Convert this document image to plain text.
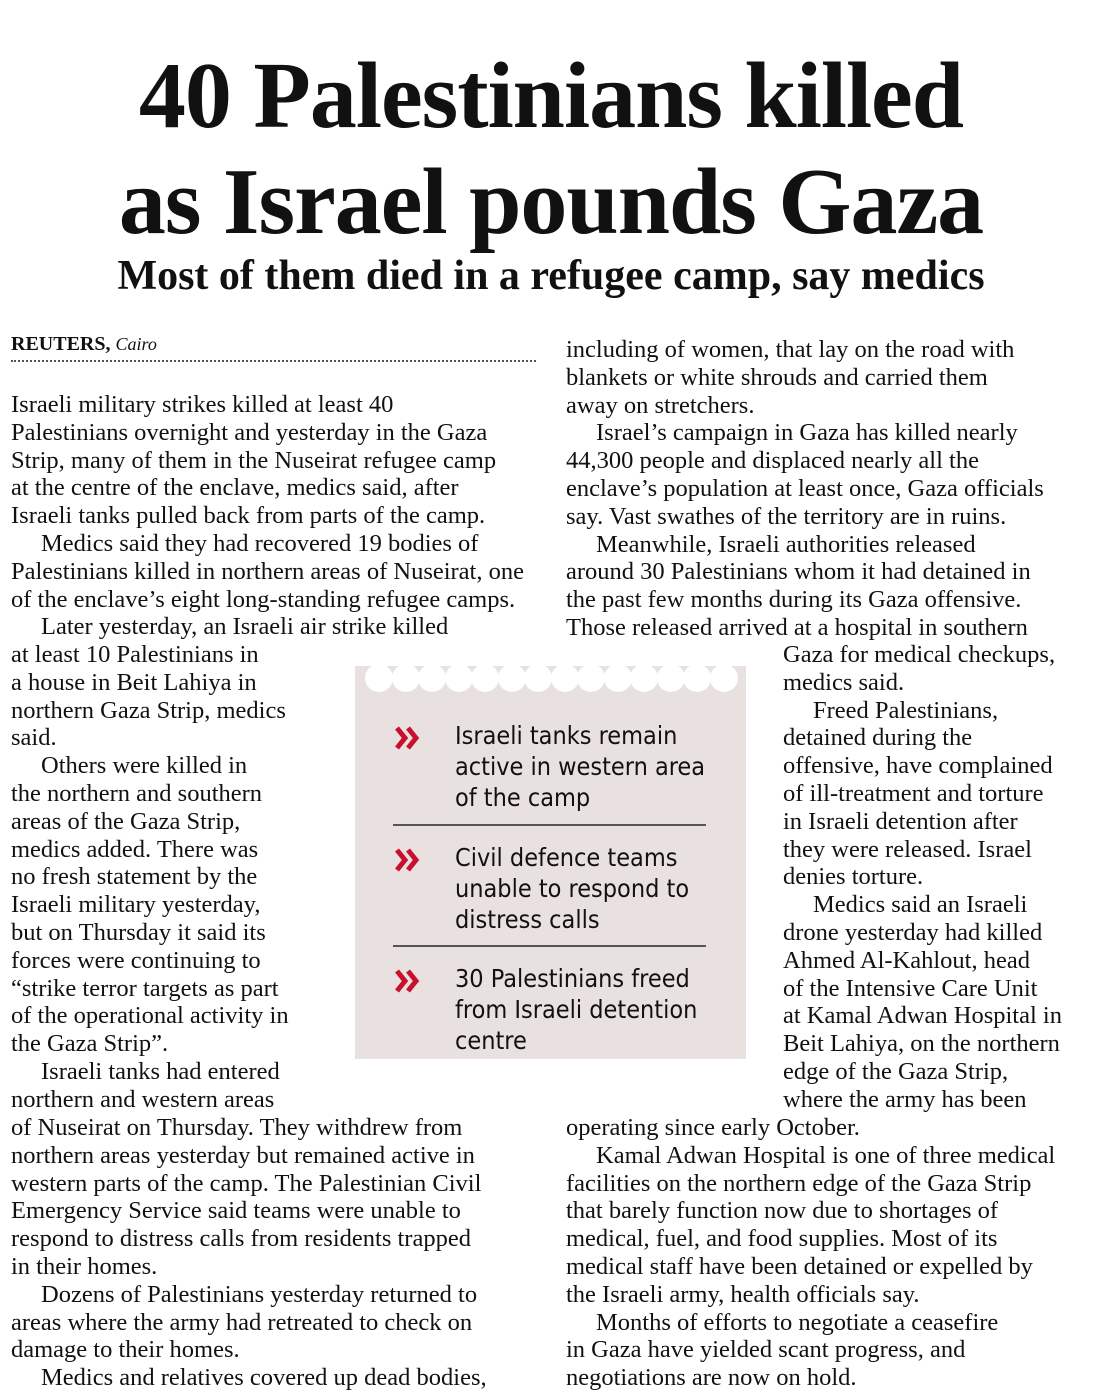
40 Palestinians killed
as Israel pounds Gaza
Most of them died in a refugee camp, say medics
REUTERS, Cairo
Israeli military strikes killed at least 40
Palestinians overnight and yesterday in the Gaza
Strip, many of them in the Nuseirat refugee camp
at the centre of the enclave, medics said, after
Israeli tanks pulled back from parts of the camp.
Medics said they had recovered 19 bodies of
Palestinians killed in northern areas of Nuseirat, one
of the enclave’s eight long-standing refugee camps.
Later yesterday, an Israeli air strike killed
at least 10 Palestinians in
a house in Beit Lahiya in
northern Gaza Strip, medics
said.
Others were killed in
the northern and southern
areas of the Gaza Strip,
medics added. There was
no fresh statement by the
Israeli military yesterday,
but on Thursday it said its
forces were continuing to
“strike terror targets as part
of the operational activity in
the Gaza Strip”.
Israeli tanks had entered
northern and western areas
of Nuseirat on Thursday. They withdrew from
northern areas yesterday but remained active in
western parts of the camp. The Palestinian Civil
Emergency Service said teams were unable to
respond to distress calls from residents trapped
in their homes.
Dozens of Palestinians yesterday returned to
areas where the army had retreated to check on
damage to their homes.
Medics and relatives covered up dead bodies,
including of women, that lay on the road with
blankets or white shrouds and carried them
away on stretchers.
Israel’s campaign in Gaza has killed nearly
44,300 people and displaced nearly all the
enclave’s population at least once, Gaza officials
say. Vast swathes of the territory are in ruins.
Meanwhile, Israeli authorities released
around 30 Palestinians whom it had detained in
the past few months during its Gaza offensive.
Those released arrived at a hospital in southern
Gaza for medical checkups,
medics said.
Freed Palestinians,
detained during the
offensive, have complained
of ill-treatment and torture
in Israeli detention after
they were released. Israel
denies torture.
Medics said an Israeli
drone yesterday had killed
Ahmed Al-Kahlout, head
of the Intensive Care Unit
at Kamal Adwan Hospital in
Beit Lahiya, on the northern
edge of the Gaza Strip,
where the army has been
operating since early October.
Kamal Adwan Hospital is one of three medical
facilities on the northern edge of the Gaza Strip
that barely function now due to shortages of
medical, fuel, and food supplies. Most of its
medical staff have been detained or expelled by
the Israeli army, health officials say.
Months of efforts to negotiate a ceasefire
in Gaza have yielded scant progress, and
negotiations are now on hold.
Israeli tanks remain active in western area of the camp
Civil defence teams unable to respond to distress calls
30 Palestinians freed from Israeli detention centre
